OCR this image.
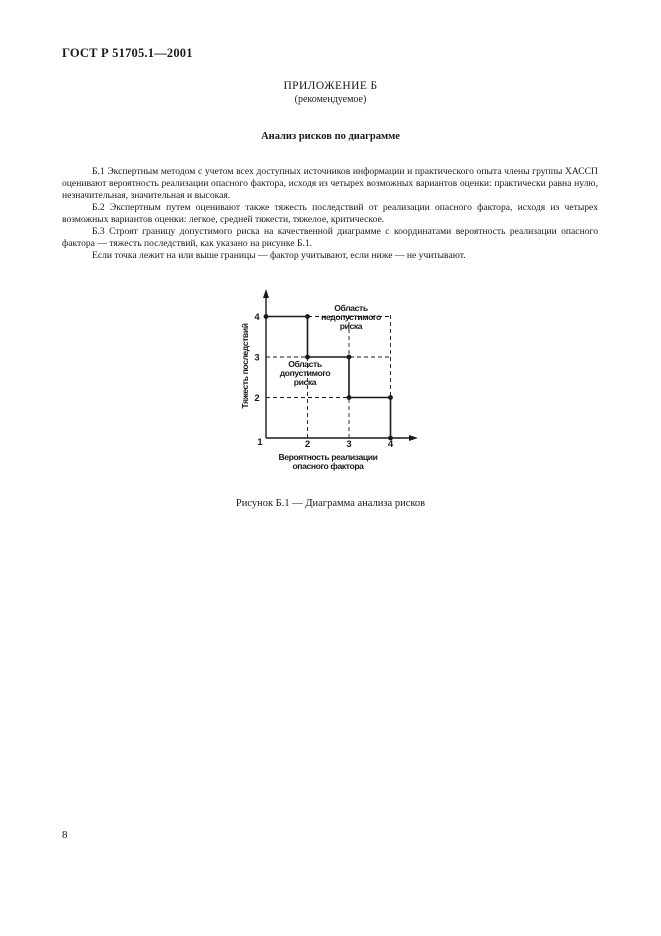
ГОСТ Р 51705.1—2001
ПРИЛОЖЕНИЕ Б
(рекомендуемое)
Анализ рисков по диаграмме

Б.1 Экспертным методом с учетом всех доступных источников информации и практического опыта члены группы ХАССП оценивают вероятность реализации опасного фактора, исходя из четырех возможных вариантов оценки: практически равна нулю, незначительная, значительная и высокая.

Б.2 Экспертным путем оценивают также тяжесть последствий от реализации опасного фактора, исходя из четырех возможных вариантов оценки: легкое, средней тяжести, тяжелое, критическое.

Б.3 Строят границу допустимого риска на качественной диаграмме с координатами вероятность реализации опасного фактора — тяжесть последствий, как указано на рисунке Б.1.

Если точка лежит на или выше границы — фактор учитывают, если ниже — не учитывают.

2	3	4
2
3
4
1
Тяжесть последствий
Вероятность реализации
опасного фактора
Область
недопустимого
риска
Область
допустимого
риска
Рисунок Б.1 — Диаграмма анализа рисков
8
